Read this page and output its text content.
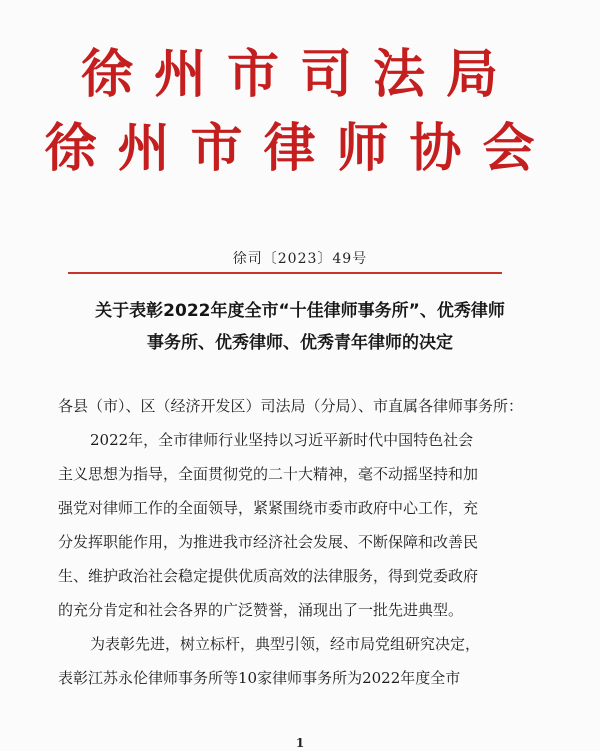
徐州市司法局
徐州市律师协会
徐司〔2023〕49号
关于表彰2022年度全市“十佳律师事务所”、优秀律师
事务所、优秀律师、优秀青年律师的决定
各县（市）、区（经济开发区）司法局（分局）、市直属各律师事务所：
2022年，全市律师行业坚持以习近平新时代中国特色社会
主义思想为指导，全面贯彻党的二十大精神，毫不动摇坚持和加
强党对律师工作的全面领导，紧紧围绕市委市政府中心工作，充
分发挥职能作用，为推进我市经济社会发展、不断保障和改善民
生、维护政治社会稳定提供优质高效的法律服务，得到党委政府
的充分肯定和社会各界的广泛赞誉，涌现出了一批先进典型。
为表彰先进，树立标杆，典型引领，经市局党组研究决定，
表彰江苏永伦律师事务所等10家律师事务所为2022年度全市
1
